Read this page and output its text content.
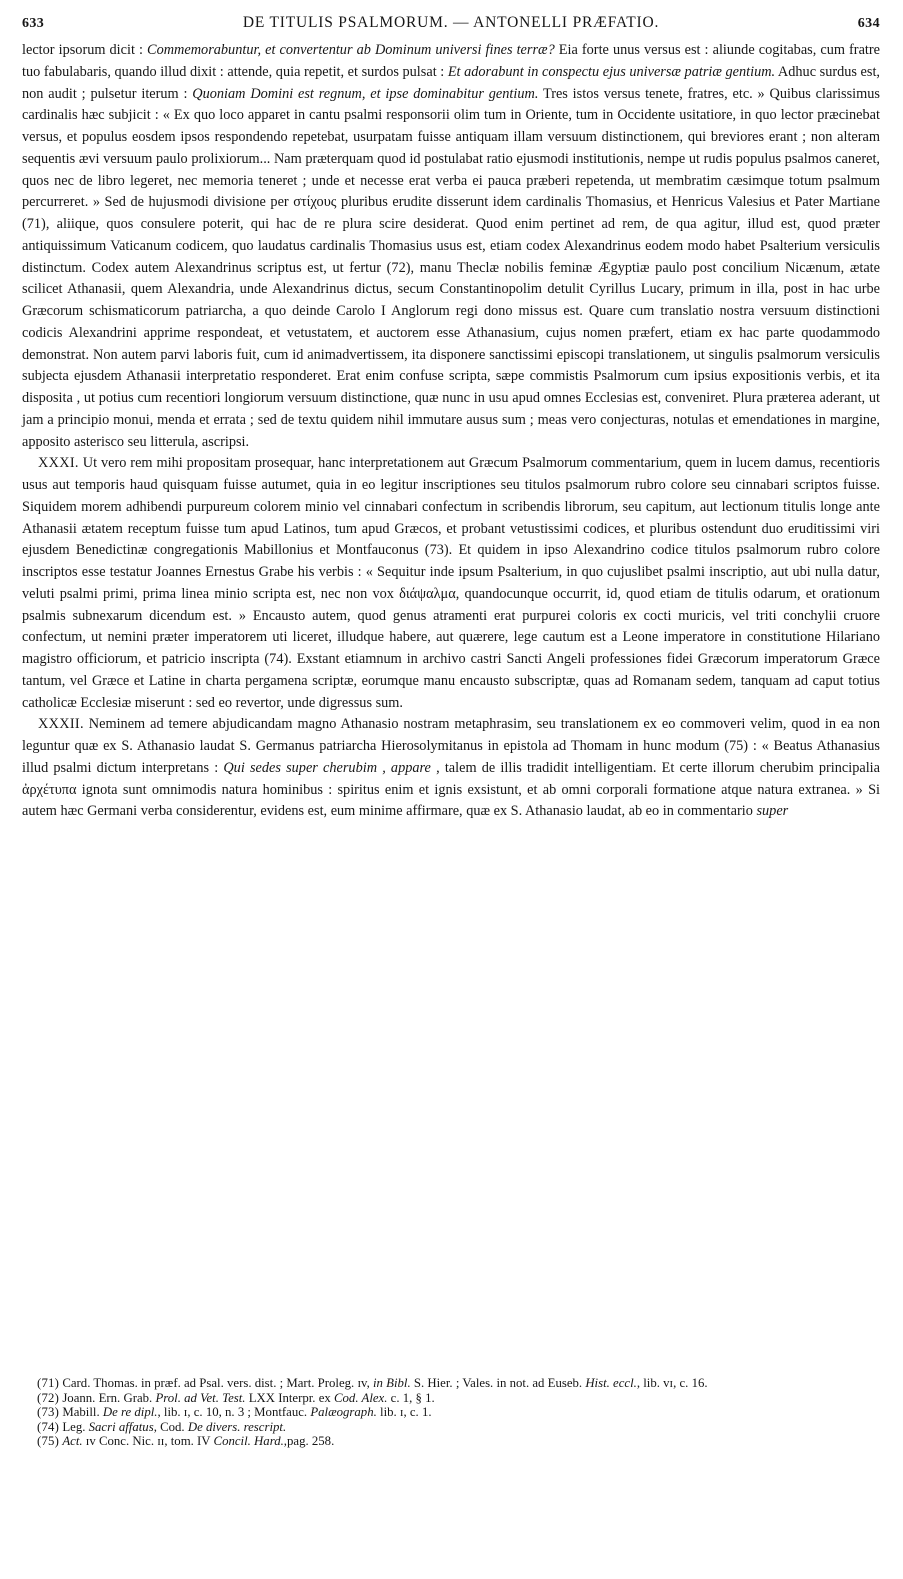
633	DE TITULIS PSALMORUM. — ANTONELLI PRÆFATIO.	634

lector ipsorum dicit : Commemorabuntur, et convertentur ab Dominum universi fines terræ? Eia forte unus versus est : aliunde cogitabas, cum fratre tuo fabulabaris, quando illud dixit : attende, quia repetit, et surdos pulsat : Et adorabunt in conspectu ejus universæ patriæ gentium. Adhuc surdus est, non audit ; pulsetur iterum : Quoniam Domini est regnum, et ipse dominabitur gentium. Tres istos versus tenete, fratres, etc. » Quibus clarissimus cardinalis hæc subjicit : « Ex quo loco apparet in cantu psalmi responsorii olim tum in Oriente, tum in Occidente usitatiore, in quo lector præcinebat versus, et populus eosdem ipsos respondendo repetebat, usurpatam fuisse antiquam illam versuum distinctionem, qui breviores erant ; non alteram sequentis ævi versuum paulo prolixiorum... Nam præterquam quod id postulabat ratio ejusmodi institutionis, nempe ut rudis populus psalmos caneret, quos nec de libro legeret, nec memoria teneret ; unde et necesse erat verba ei pauca præberi repetenda, ut membratim cæsimque totum psalmum percurreret. » Sed de hujusmodi divisione per στίχους pluribus erudite disserunt idem cardinalis Thomasius, et Henricus Valesius et Pater Martiane (71), aliique, quos consulere poterit, qui hac de re plura scire desiderat. Quod enim pertinet ad rem, de qua agitur, illud est, quod præter antiquissimum Vaticanum codicem, quo laudatus cardinalis Thomasius usus est, etiam codex Alexandrinus eodem modo habet Psalterium versiculis distinctum. Codex autem Alexandrinus scriptus est, ut fertur (72), manu Theclæ nobilis feminæ Ægyptiæ paulo post concilium Nicænum, ætate scilicet Athanasii, quem Alexandria, unde Alexandrinus dictus, secum Constantinopolim detulit Cyrillus Lucary, primum in illa, post in hac urbe Græcorum schismaticorum patriarcha, a quo deinde Carolo I Anglorum regi dono missus est. Quare cum translatio nostra versuum distinctioni codicis Alexandrini apprime respondeat, et vetustatem, et auctorem esse Athanasium, cujus nomen præfert, etiam ex hac parte quodammodo demonstrat. Non autem parvi laboris fuit, cum id animadvertissem, ita disponere sanctissimi episcopi translationem, ut singulis psalmorum versiculis subjecta ejusdem Athanasii interpretatio responderet. Erat enim confuse scripta, sæpe commistis Psalmorum cum ipsius expositionis verbis, et ita disposita , ut potius cum recentiori longiorum versuum distinctione, quæ nunc in usu apud omnes Ecclesias est, conveniret. Plura præterea aderant, ut jam a principio monui, menda et errata ; sed de textu quidem nihil immutare ausus sum ; meas vero conjecturas, notulas et emendationes in margine, apposito asterisco seu litterula, ascripsi.

XXXI. Ut vero rem mihi propositam prosequar, hanc interpretationem aut Græcum Psalmorum commentarium, quem in lucem damus, recentioris usus aut temporis haud quisquam fuisse autumet, quia in eo legitur inscriptiones seu titulos psalmorum rubro colore seu cinnabari scriptos fuisse. Siquidem morem adhibendi purpureum colorem minio vel cinnabari confectum in scribendis librorum, seu capitum, aut lectionum titulis longe ante Athanasii ætatem receptum fuisse tum apud Latinos, tum apud Græcos, et probant vetustissimi codices, et pluribus ostendunt duo eruditissimi viri ejusdem Benedictinæ congregationis Mabillonius et Montfauconus (73). Et quidem in ipso Alexandrino codice titulos psalmorum rubro colore inscriptos esse testatur Joannes Ernestus Grabe his verbis : « Sequitur inde ipsum Psalterium, in quo cujuslibet psalmi inscriptio, aut ubi nulla datur, veluti psalmi primi, prima linea minio scripta est, nec non vox διάψαλμα, quandocunque occurrit, id, quod etiam de titulis odarum, et orationum psalmis subnexarum dicendum est. » Encausto autem, quod genus atramenti erat purpurei coloris ex cocti muricis, vel triti conchylii cruore confectum, ut nemini præter imperatorem uti liceret, illudque habere, aut quærere, lege cautum est a Leone imperatore in constitutione Hilariano magistro officiorum, et patricio inscripta (74). Exstant etiamnum in archivo castri Sancti Angeli professiones fidei Græcorum imperatorum Græce tantum, vel Græce et Latine in charta pergamena scriptæ, eorumque manu encausto subscriptæ, quas ad Romanam sedem, tanquam ad caput totius catholicæ Ecclesiæ miserunt : sed eo revertor, unde digressus sum.

XXXII. Neminem ad temere abjudicandam magno Athanasio nostram metaphrasim, seu translationem ex eo commoveri velim, quod in ea non leguntur quæ ex S. Athanasio laudat S. Germanus patriarcha Hierosolymitanus in epistola ad Thomam in hunc modum (75) : « Beatus Athanasius illud psalmi dictum interpretans : Qui sedes super cherubim , appare , talem de illis tradidit intelligentiam. Et certe illorum cherubim principalia ἀρχέτυπα ignota sunt omnimodis natura hominibus : spiritus enim et ignis exsistunt, et ab omni corporali formatione atque natura extranea. » Si autem hæc Germani verba considerentur, evidens est, eum minime affirmare, quæ ex S. Athanasio laudat, ab eo in commentario super

(71) Card. Thomas. in præf. ad Psal. vers. dist. ; Mart. Proleg. ɪv, in Bibl. S. Hier. ; Vales. in not. ad Euseb. Hist. eccl., lib. vɪ, c. 16.

(72) Joann. Ern. Grab. Prol. ad Vet. Test. LXX Interpr. ex Cod. Alex. c. 1, § 1.

(73) Mabill. De re dipl., lib. ɪ, c. 10, n. 3 ; Montfauc. Palæograph. lib. ɪ, c. 1.

(74) Leg. Sacri affatus, Cod. De divers. rescript.

(75) Act. ɪv Conc. Nic. ɪɪ, tom. IV Concil. Hard.,pag. 258.
